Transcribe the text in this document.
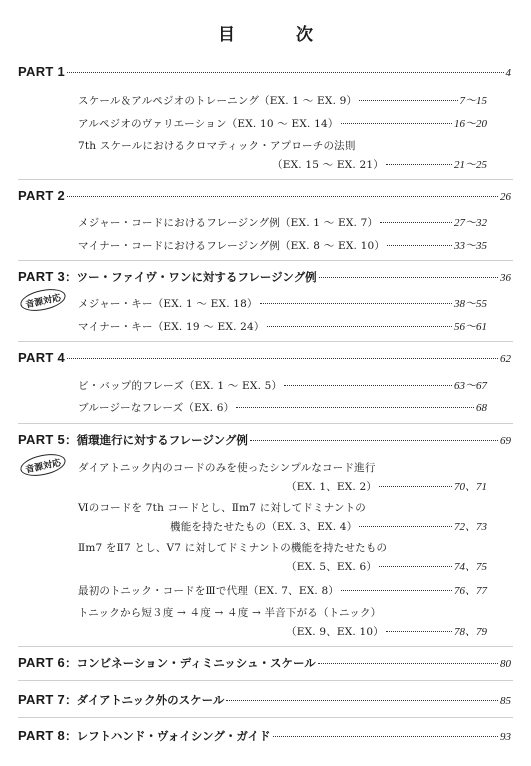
目　次
PART 1	4
スケール＆アルペジオのトレーニング（EX. 1 ～ EX. 9）	7～15
アルペジオのヴァリエーション（EX. 10 ～ EX. 14）	16～20
7th スケールにおけるクロマティック・アプローチの法則
（EX. 15 ～ EX. 21）	21～25
PART 2	26
メジャー・コードにおけるフレージング例（EX. 1 ～ EX. 7）	27～32
マイナー・コードにおけるフレージング例（EX. 8 ～ EX. 10）	33～35
PART 3 ：ツー・ファイヴ・ワンに対するフレージング例	36
音源対応	メジャー・キー（EX. 1 ～ EX. 18）	38～55
マイナー・キー（EX. 19 ～ EX. 24）	56～61
PART 4	62
ビ・バップ的フレーズ（EX. 1 ～ EX. 5）	63～67
ブルージーなフレーズ（EX. 6）	68
PART 5 ：循環進行に対するフレージング例	69
音源対応	ダイアトニック内のコードのみを使ったシンプルなコード進行
（EX. 1、EX. 2）	70、71
Ⅵのコードを 7th コードとし、Ⅱm7 に対してドミナントの
機能を持たせたもの（EX. 3、EX. 4）	72、73
Ⅱm7 をⅡ7 とし、Ⅴ7 に対してドミナントの機能を持たせたもの
（EX. 5、EX. 6）	74、75
最初のトニック・コードをⅢで代理（EX. 7、EX. 8）	76、77
トニックから短３度 → ４度 → ４度 → 半音下がる（トニック）
（EX. 9、EX. 10）	78、79
PART 6 ：コンビネーション・ディミニッシュ・スケール	80
PART 7 ：ダイアトニック外のスケール	85
PART 8 ：レフトハンド・ヴォイシング・ガイド	93
